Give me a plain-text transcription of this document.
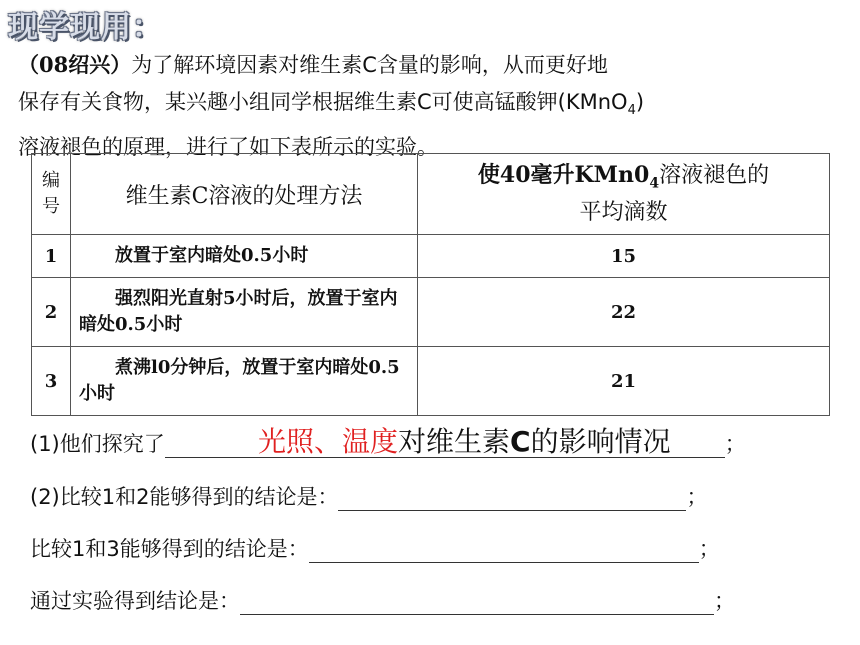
现学现用：
（08绍兴）为了解环境因素对维生素C含量的影响，从而更好地
保存有关食物，某兴趣小组同学根据维生素C可使高锰酸钾(KMnO$_4$)
溶液褪色的原理，进行了如下表所示的实验。
编
号	维生素C溶液的处理方法	使40毫升$KMn0_4$溶液褪色的
平均滴数
1	放置于室内暗处0.5小时	15
2	强烈阳光直射5小时后，放置于室内暗处0.5小时	22
3	煮沸l0分钟后，放置于室内暗处0.5小时	21
(1)他们探究了	；
光照、温度对维生素C的影响情况
(2)比较1和2能够得到的结论是：	；
比较1和3能够得到的结论是：	；
通过实验得到结论是：	；
